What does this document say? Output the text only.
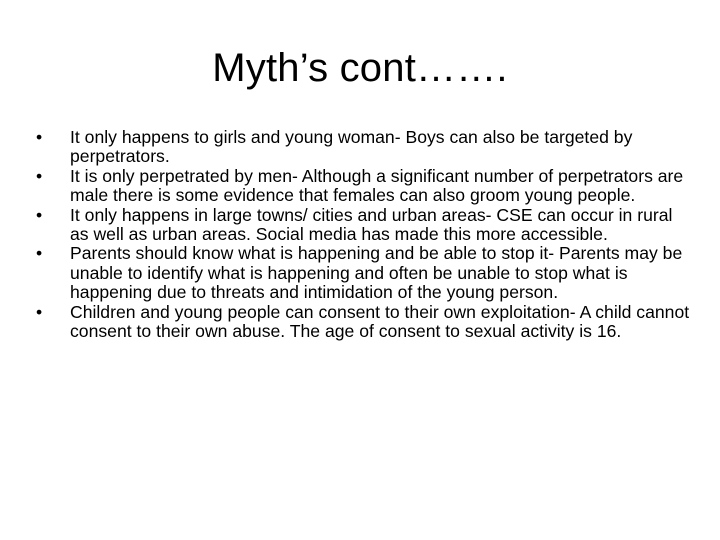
Myth’s cont…….
•	It only happens to girls and young woman- Boys can also be targeted by perpetrators.
•	It is only perpetrated by men- Although a significant number of perpetrators are male there is some evidence that females can also groom young people.
•	It only happens in large towns/ cities and urban areas- CSE can occur in rural as well as urban areas. Social media has made this more accessible.
•	Parents should know what is happening and be able to stop it- Parents may be unable to identify what is happening and often be unable to stop what is happening due to threats and intimidation of the young person.
•	Children and young people can consent to their own exploitation- A child cannot consent to their own abuse. The age of consent to sexual activity is 16.
